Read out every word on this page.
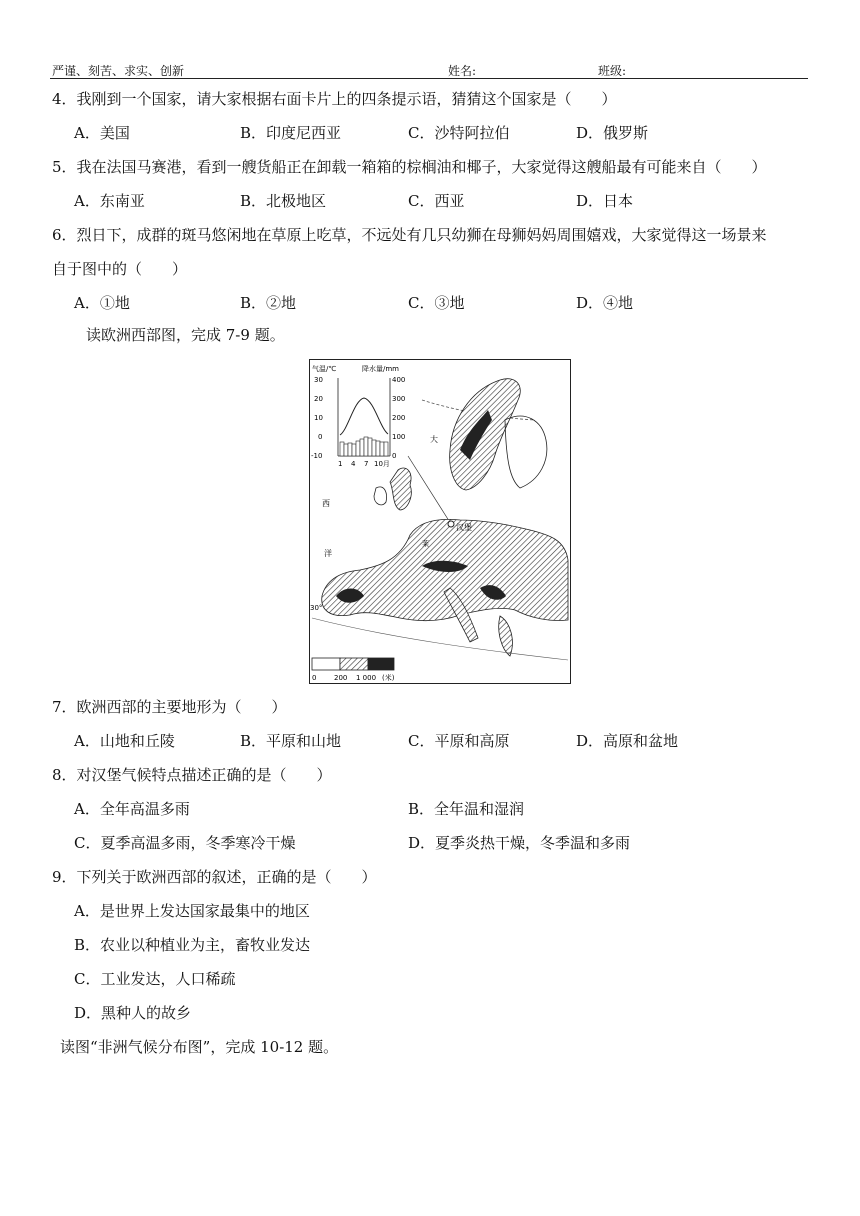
严谨、刻苦、求实、创新	姓名:	班级:
4．我刚到一个国家，请大家根据右面卡片上的四条提示语，猜猜这个国家是（　　）
A．美国	B．印度尼西亚	C．沙特阿拉伯	D．俄罗斯
5．我在法国马赛港，看到一艘货船正在卸载一箱箱的棕榈油和椰子，大家觉得这艘船最有可能来自（　　）
A．东南亚	B．北极地区	C．西亚	D．日本
6．烈日下，成群的斑马悠闲地在草原上吃草，不远处有几只幼狮在母狮妈妈周围嬉戏，大家觉得这一场景来
自于图中的（　　）
A．①地	B．②地	C．③地	D．④地
读欧洲西部图，完成 7-9 题。
气温/℃	降水量/mm
30
20
10
0
-10
400
300
200
100
0
1 4 7 10月
汉堡
大
西
洋
莱
30°
0	200 1 000 (米)
7．欧洲西部的主要地形为（　　）
A．山地和丘陵	B．平原和山地	C．平原和高原	D．高原和盆地
8．对汉堡气候特点描述正确的是（　　）
A．全年高温多雨	B．全年温和湿润
C．夏季高温多雨，冬季寒冷干燥	D．夏季炎热干燥，冬季温和多雨
9．下列关于欧洲西部的叙述，正确的是（　　）
A．是世界上发达国家最集中的地区
B．农业以种植业为主，畜牧业发达
C．工业发达，人口稀疏
D．黑种人的故乡
读图“非洲气候分布图”，完成 10-12 题。
